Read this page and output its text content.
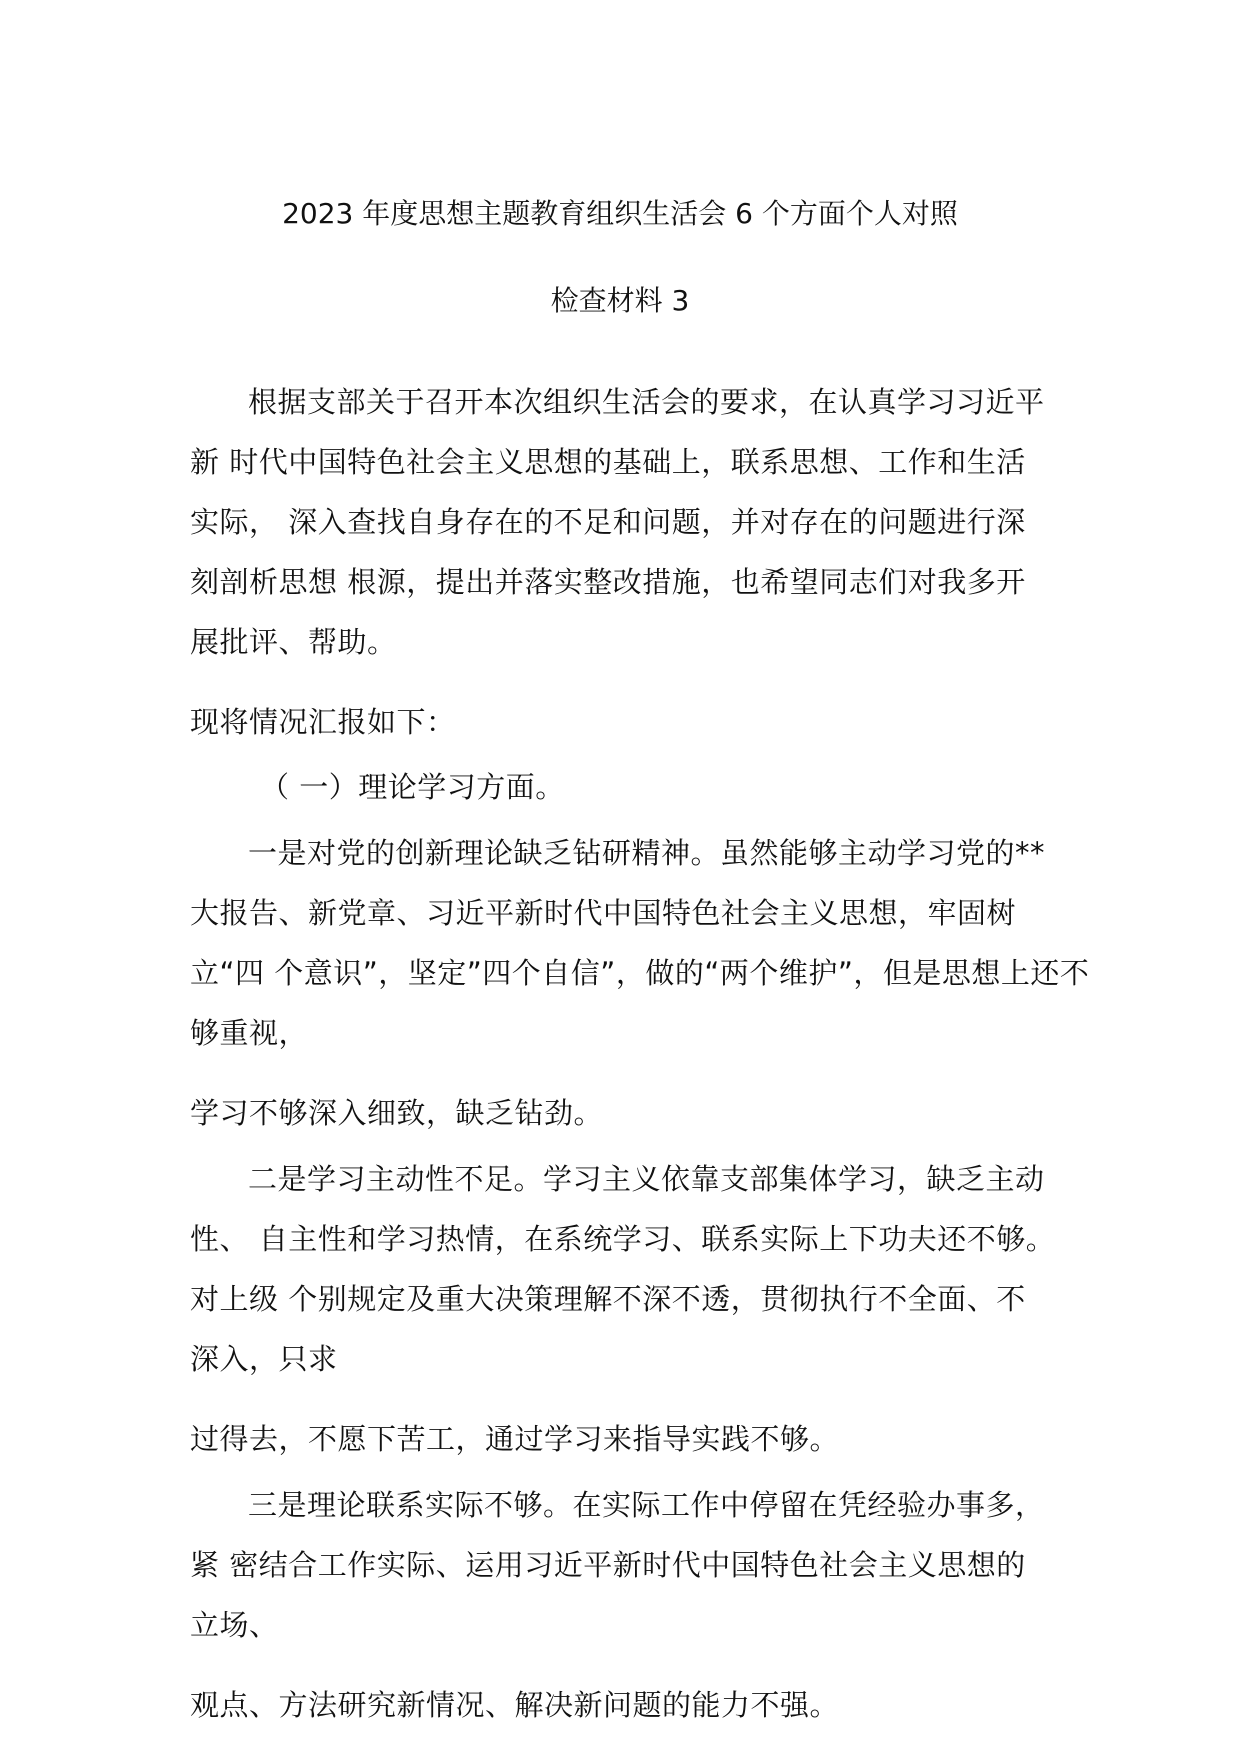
2023 年度思想主题教育组织生活会 6 个方面个人对照
检查材料 3
根据支部关于召开本次组织生活会的要求，在认真学习习近平
新 时代中国特色社会主义思想的基础上，联系思想、工作和生活
实际， 深入查找自身存在的不足和问题，并对存在的问题进行深
刻剖析思想 根源，提出并落实整改措施，也希望同志们对我多开
展批评、帮助。
现将情况汇报如下：
（ 一）理论学习方面。
一是对党的创新理论缺乏钻研精神。虽然能够主动学习党的**
大报告、新党章、习近平新时代中国特色社会主义思想，牢固树
立“四 个意识”，坚定”四个自信”，做的“两个维护”，但是思想上还不
够重视，
学习不够深入细致，缺乏钻劲。
二是学习主动性不足。学习主义依靠支部集体学习，缺乏主动
性、 自主性和学习热情，在系统学习、联系实际上下功夫还不够。
对上级 个别规定及重大决策理解不深不透，贯彻执行不全面、不
深入，只求
过得去，不愿下苦工，通过学习来指导实践不够。
三是理论联系实际不够。在实际工作中停留在凭经验办事多，
紧 密结合工作实际、运用习近平新时代中国特色社会主义思想的
立场、
观点、方法研究新情况、解决新问题的能力不强。
